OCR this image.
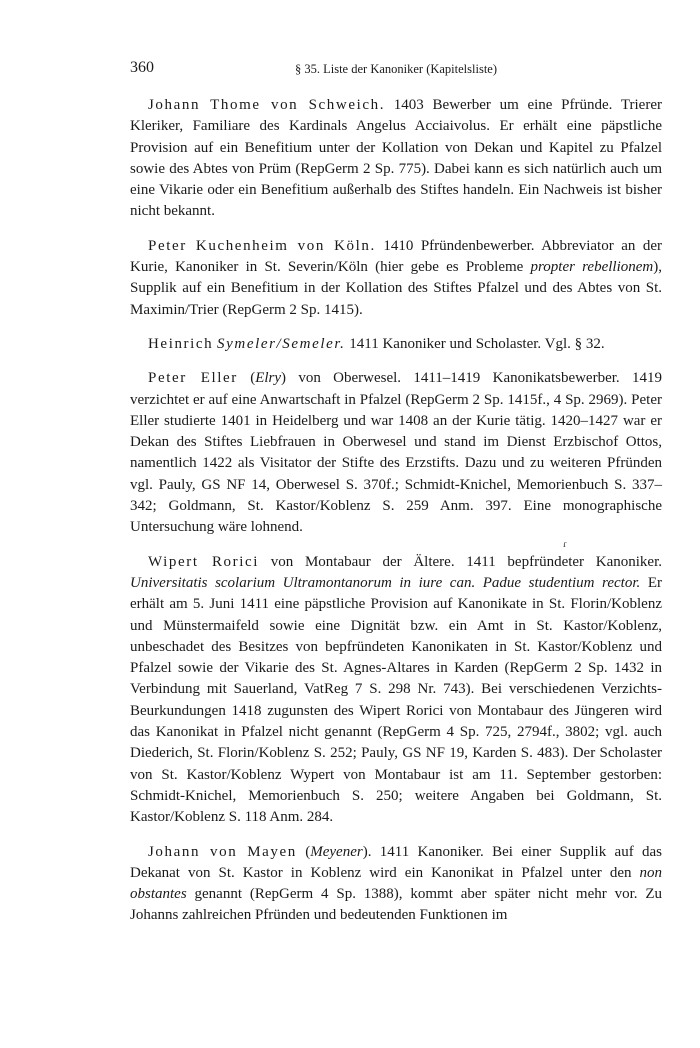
360	§ 35. Liste der Kanoniker (Kapitelsliste)

Johann Thome von Schweich. 1403 Bewerber um eine Pfründe. Trierer Kleriker, Familiare des Kardinals Angelus Acciaivolus. Er erhält eine päpstliche Provision auf ein Benefitium unter der Kollation von Dekan und Kapitel zu Pfalzel sowie des Abtes von Prüm (RepGerm 2 Sp. 775). Dabei kann es sich natürlich auch um eine Vikarie oder ein Benefitium außerhalb des Stiftes handeln. Ein Nachweis ist bisher nicht bekannt.

Peter Kuchenheim von Köln. 1410 Pfründenbewerber. Abbreviator an der Kurie, Kanoniker in St. Severin/Köln (hier gebe es Probleme propter rebellionem), Supplik auf ein Benefitium in der Kollation des Stiftes Pfalzel und des Abtes von St. Maximin/Trier (RepGerm 2 Sp. 1415).

Heinrich Symeler/Semeler. 1411 Kanoniker und Scholaster. Vgl. § 32.

Peter Eller (Elry) von Oberwesel. 1411–1419 Kanonikatsbewerber. 1419 verzichtet er auf eine Anwartschaft in Pfalzel (RepGerm 2 Sp. 1415f., 4 Sp. 2969). Peter Eller studierte 1401 in Heidelberg und war 1408 an der Kurie tätig. 1420–1427 war er Dekan des Stiftes Liebfrauen in Oberwesel und stand im Dienst Erzbischof Ottos, namentlich 1422 als Visitator der Stifte des Erzstifts. Dazu und zu weiteren Pfründen vgl. Pauly, GS NF 14, Oberwesel S. 370f.; Schmidt-Knichel, Memorienbuch S. 337–342; Goldmann, St. Kastor/Koblenz S. 259 Anm. 397. Eine monographische Untersuchung wäre lohnend.

Wipert Rorici von Montabaur der Ältere. 1411 bepfründeter Kanoniker. Universitatis scolarium Ultramontanorum in iure can. Padue studentium rector. Er erhält am 5. Juni 1411 eine päpstliche Provision auf Kanonikate in St. Florin/Koblenz und Münstermaifeld sowie eine Dignität bzw. ein Amt in St. Kastor/Koblenz, unbeschadet des Besitzes von bepfründeten Kanonikaten in St. Kastor/Koblenz und Pfalzel sowie der Vikarie des St. Agnes-Altares in Karden (RepGerm 2 Sp. 1432 in Verbindung mit Sauerland, VatReg 7 S. 298 Nr. 743). Bei verschiedenen Verzichts-Beurkundungen 1418 zugunsten des Wipert Rorici von Montabaur des Jüngeren wird das Kanonikat in Pfalzel nicht genannt (RepGerm 4 Sp. 725, 2794f., 3802; vgl. auch Diederich, St. Florin/Koblenz S. 252; Pauly, GS NF 19, Karden S. 483). Der Scholaster von St. Kastor/Koblenz Wypert von Montabaur ist am 11. September gestorben: Schmidt-Knichel, Memorienbuch S. 250; weitere Angaben bei Goldmann, St. Kastor/Koblenz S. 118 Anm. 284.

Johann von Mayen (Meyener). 1411 Kanoniker. Bei einer Supplik auf das Dekanat von St. Kastor in Koblenz wird ein Kanonikat in Pfalzel unter den non obstantes genannt (RepGerm 4 Sp. 1388), kommt aber später nicht mehr vor. Zu Johanns zahlreichen Pfründen und bedeutenden Funktionen im

ɾ
